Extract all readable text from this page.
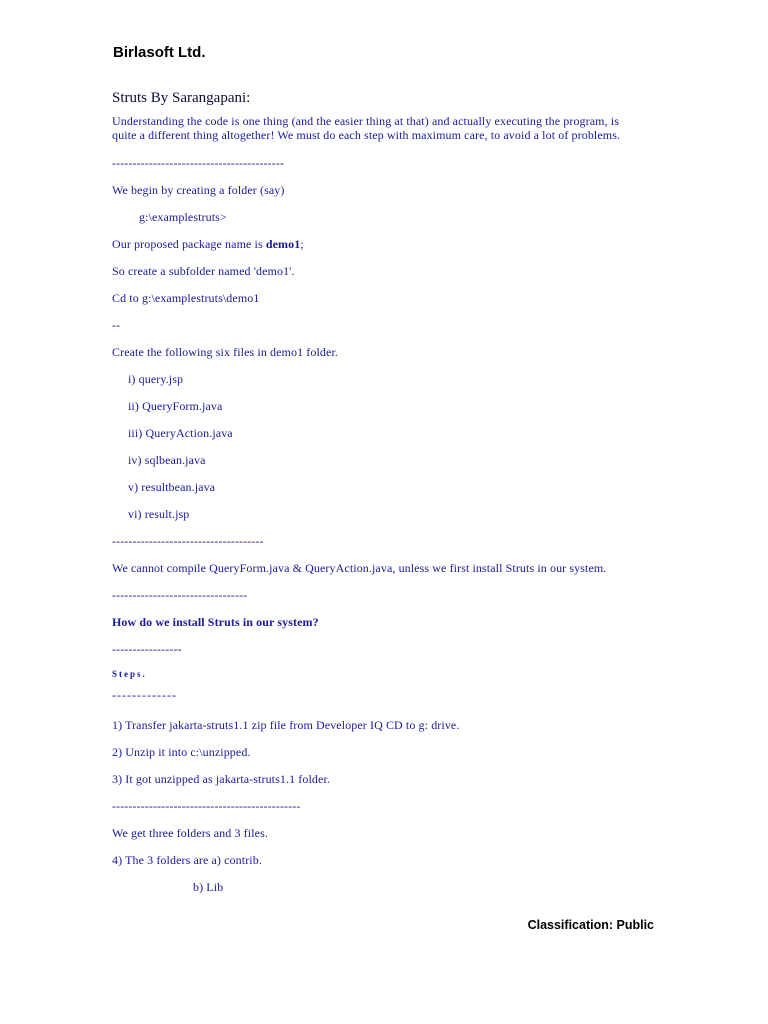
Birlasoft Ltd.
Struts By Sarangapani:
Understanding the code is one thing (and the easier thing at that) and actually executing the program, is
quite a different thing altogether! We must do each step with maximum care, to avoid a lot of problems.
------------------------------------------
We begin by creating a folder (say)
g:\examplestruts>
Our proposed package name is demo1;
So create a subfolder named 'demo1'.
Cd to g:\examplestruts\demo1
--
Create the following six files in demo1 folder.
i) query.jsp
ii) QueryForm.java
iii) QueryAction.java
iv) sqlbean.java
v) resultbean.java
vi) result.jsp
-------------------------------------
We cannot compile QueryForm.java & QueryAction.java, unless we first install Struts in our system.
---------------------------------
How do we install Struts in our system?
-----------------
Steps.
-------------
1) Transfer jakarta-struts1.1 zip file from Developer IQ CD to g: drive.
2) Unzip it into c:\unzipped.
3) It got unzipped as jakarta-struts1.1 folder.
----------------------------------------------
We get three folders and 3 files.
4) The 3 folders are a) contrib.
b) Lib
Classification: Public
